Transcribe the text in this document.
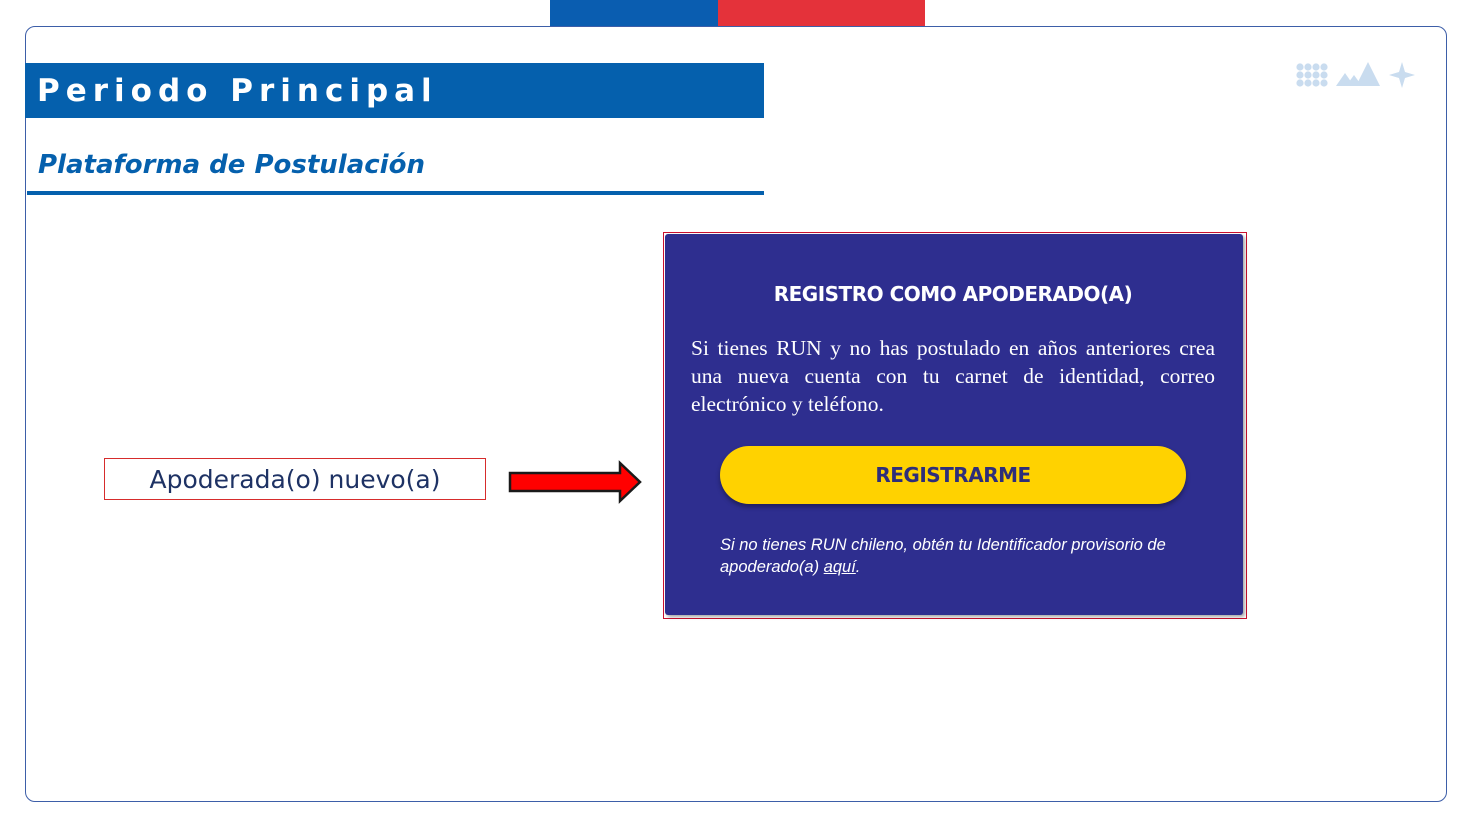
Periodo Principal
Plataforma de Postulación
Apoderada(o) nuevo(a)
REGISTRO COMO APODERADO(A)
Si tienes RUN y no has postulado en años anteriores crea una nueva cuenta con tu carnet de identidad, correo electrónico y teléfono.
REGISTRARME
Si no tienes RUN chileno, obtén tu Identificador provisorio de apoderado(a) aquí.
